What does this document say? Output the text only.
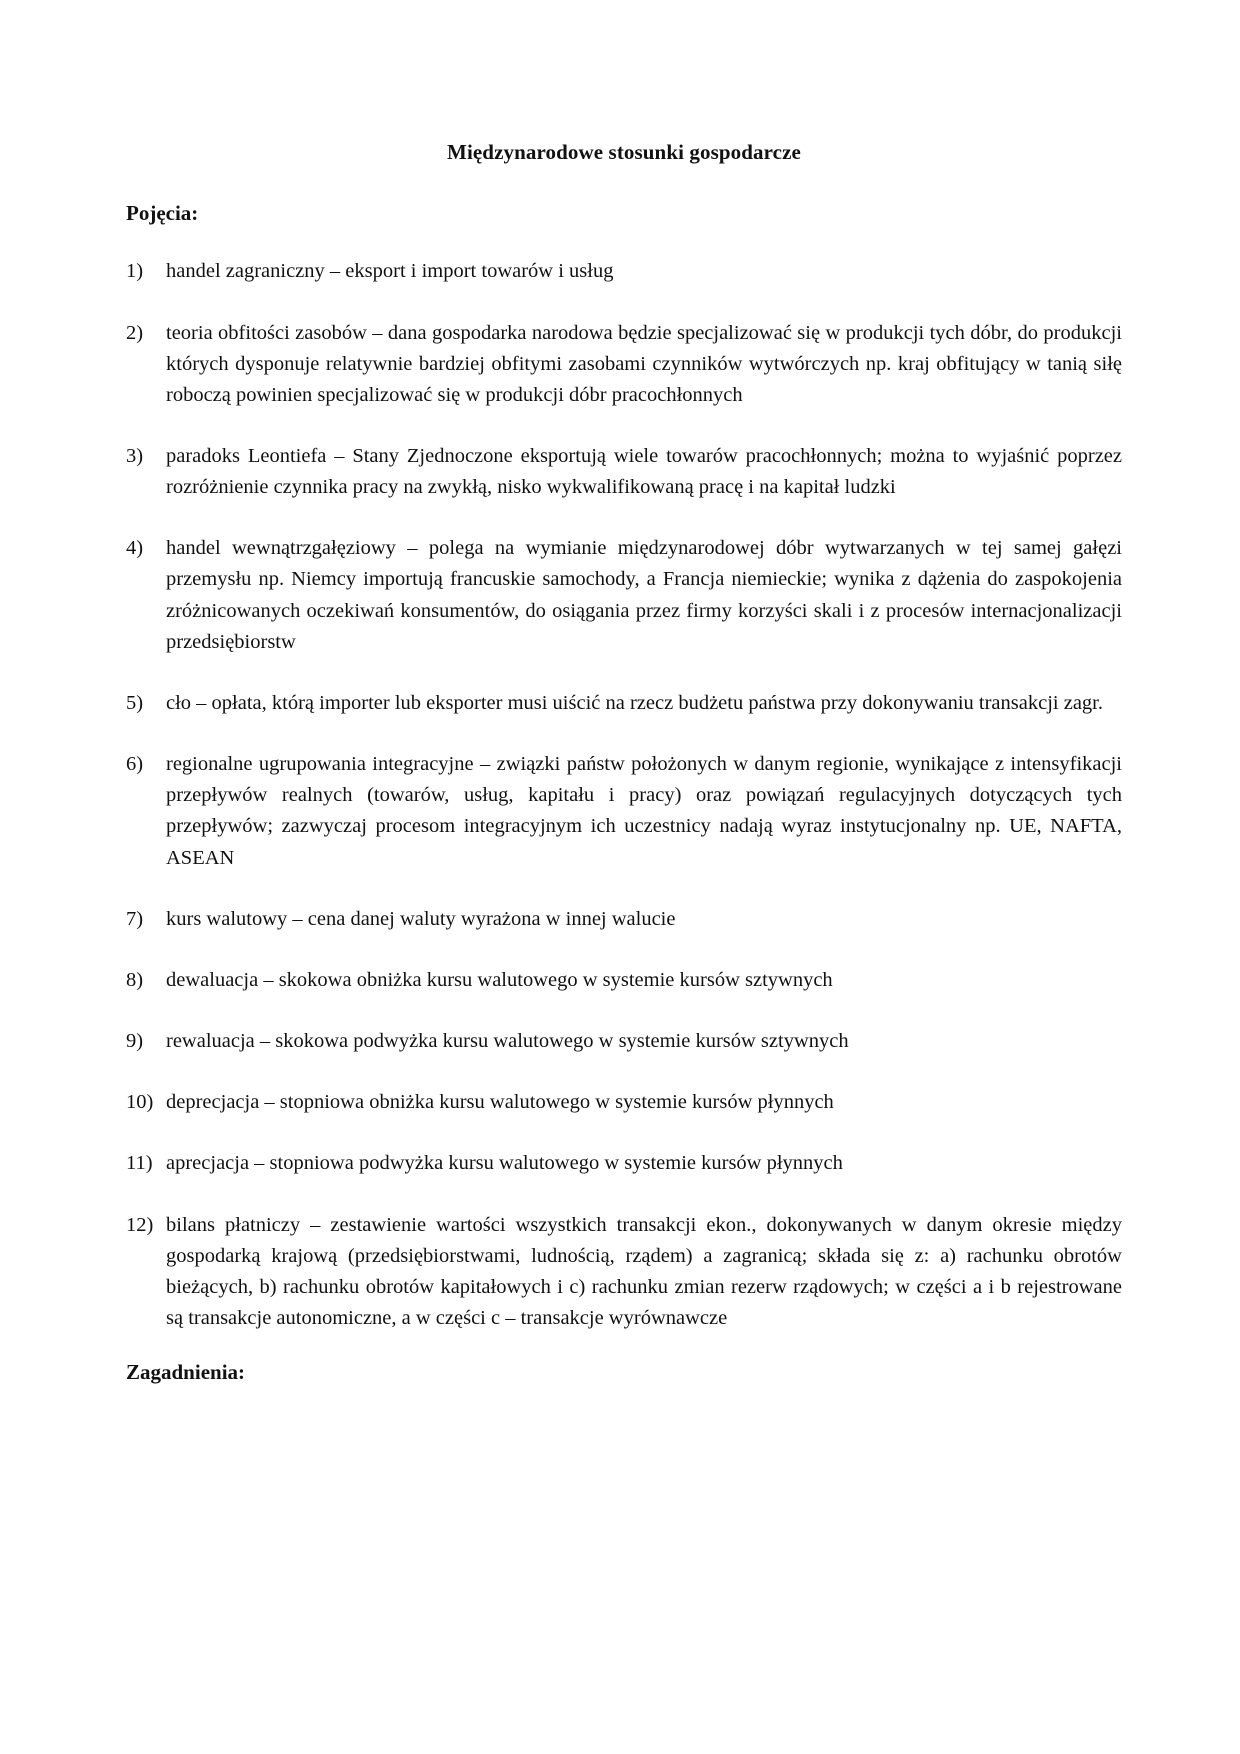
Międzynarodowe stosunki gospodarcze
Pojęcia:
1)	handel zagraniczny – eksport i import towarów i usług
2)	teoria obfitości zasobów – dana gospodarka narodowa będzie specjalizować się w produkcji tych dóbr, do produkcji których dysponuje relatywnie bardziej obfitymi zasobami czynników wytwórczych np. kraj obfitujący w tanią siłę roboczą powinien specjalizować się w produkcji dóbr pracochłonnych
3)	paradoks Leontiefa – Stany Zjednoczone eksportują wiele towarów pracochłonnych; można to wyjaśnić poprzez rozróżnienie czynnika pracy na zwykłą, nisko wykwalifikowaną pracę i na kapitał ludzki
4)	handel wewnątrzgałęziowy – polega na wymianie międzynarodowej dóbr wytwarzanych w tej samej gałęzi przemysłu np. Niemcy importują francuskie samochody, a Francja niemieckie; wynika z dążenia do zaspokojenia zróżnicowanych oczekiwań konsumentów, do osiągania przez firmy korzyści skali i z procesów internacjonalizacji przedsiębiorstw
5)	cło – opłata, którą importer lub eksporter musi uiścić na rzecz budżetu państwa przy dokonywaniu transakcji zagr.
6)	regionalne ugrupowania integracyjne – związki państw położonych w danym regionie, wynikające z intensyfikacji przepływów realnych (towarów, usług, kapitału i pracy) oraz powiązań regulacyjnych dotyczących tych przepływów; zazwyczaj procesom integracyjnym ich uczestnicy nadają wyraz instytucjonalny np. UE, NAFTA, ASEAN
7)	kurs walutowy – cena danej waluty wyrażona w innej walucie
8)	dewaluacja – skokowa obniżka kursu walutowego w systemie kursów sztywnych
9)	rewaluacja – skokowa podwyżka kursu walutowego w systemie kursów sztywnych
10) deprecjacja – stopniowa obniżka kursu walutowego w systemie kursów płynnych
11) aprecjacja – stopniowa podwyżka kursu walutowego w systemie kursów płynnych
12) bilans płatniczy – zestawienie wartości wszystkich transakcji ekon., dokonywanych w danym okresie między gospodarką krajową (przedsiębiorstwami, ludnością, rządem) a zagranicą; składa się z: a) rachunku obrotów bieżących, b) rachunku obrotów kapitałowych i c) rachunku zmian rezerw rządowych; w części a i b rejestrowane są transakcje autonomiczne, a w części c – transakcje wyrównawcze
Zagadnienia:
